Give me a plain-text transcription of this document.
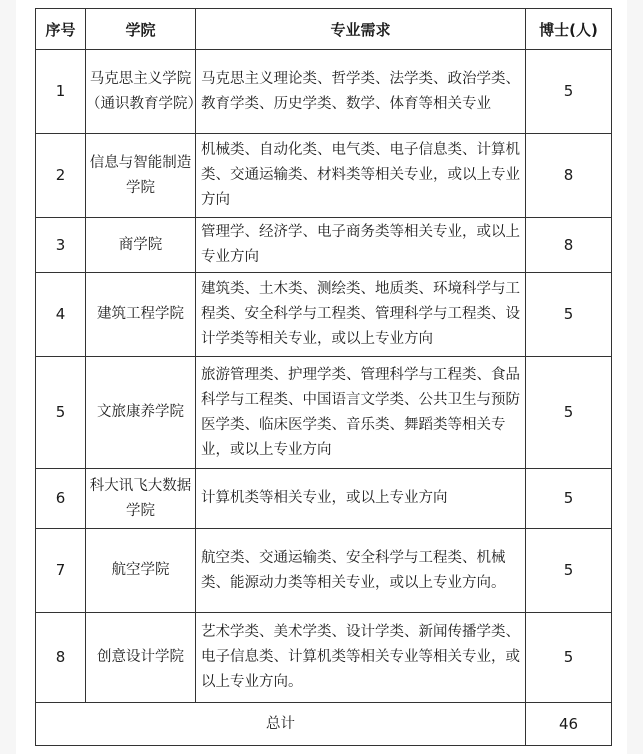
序号	学院	专业需求	博士(人)
1	马克思主义学院（通识教育学院）	马克思主义理论类、哲学类、法学类、政治学类、教育学类、历史学类、数学、体育等相关专业	5
2	信息与智能制造学院	机械类、自动化类、电气类、电子信息类、计算机类、交通运输类、材料类等相关专业，或以上专业方向	8
3	商学院	管理学、经济学、电子商务类等相关专业，或以上专业方向	8
4	建筑工程学院	建筑类、土木类、测绘类、地质类、环境科学与工程类、安全科学与工程类、管理科学与工程类、设计学类等相关专业，或以上专业方向	5
5	文旅康养学院	旅游管理类、护理学类、管理科学与工程类、食品科学与工程类、中国语言文学类、公共卫生与预防医学类、临床医学类、音乐类、舞蹈类等相关专业，或以上专业方向	5
6	科大讯飞大数据学院	计算机类等相关专业，或以上专业方向	5
7	航空学院	航空类、交通运输类、安全科学与工程类、机械类、能源动力类等相关专业，或以上专业方向。	5
8	创意设计学院	艺术学类、美术学类、设计学类、新闻传播学类、电子信息类、计算机类等相关专业等相关专业，或以上专业方向。	5
总计			46
